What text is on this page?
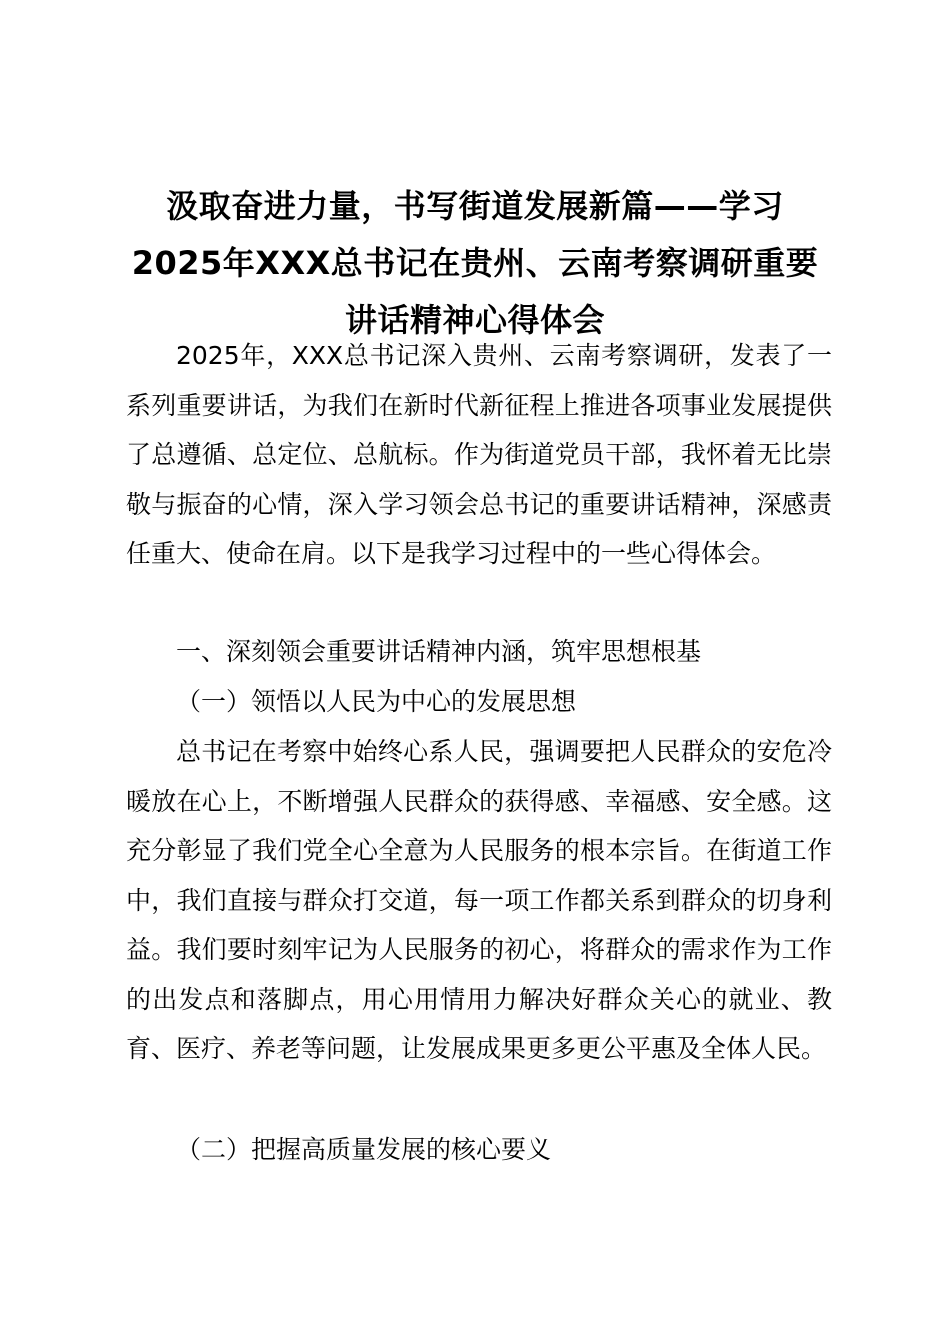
汲取奋进力量，书写街道发展新篇——学习
2025年XXX总书记在贵州、云南考察调研重要
讲话精神心得体会

2025年，XXX总书记深入贵州、云南考察调研，发表了一系列重要讲话，为我们在新时代新征程上推进各项事业发展提供了总遵循、总定位、总航标。作为街道党员干部，我怀着无比崇敬与振奋的心情，深入学习领会总书记的重要讲话精神，深感责任重大、使命在肩。以下是我学习过程中的一些心得体会。

一、深刻领会重要讲话精神内涵，筑牢思想根基

（一）领悟以人民为中心的发展思想

总书记在考察中始终心系人民，强调要把人民群众的安危冷暖放在心上，不断增强人民群众的获得感、幸福感、安全感。这充分彰显了我们党全心全意为人民服务的根本宗旨。在街道工作中，我们直接与群众打交道，每一项工作都关系到群众的切身利益。我们要时刻牢记为人民服务的初心，将群众的需求作为工作的出发点和落脚点，用心用情用力解决好群众关心的就业、教育、医疗、养老等问题，让发展成果更多更公平惠及全体人民。

（二）把握高质量发展的核心要义
